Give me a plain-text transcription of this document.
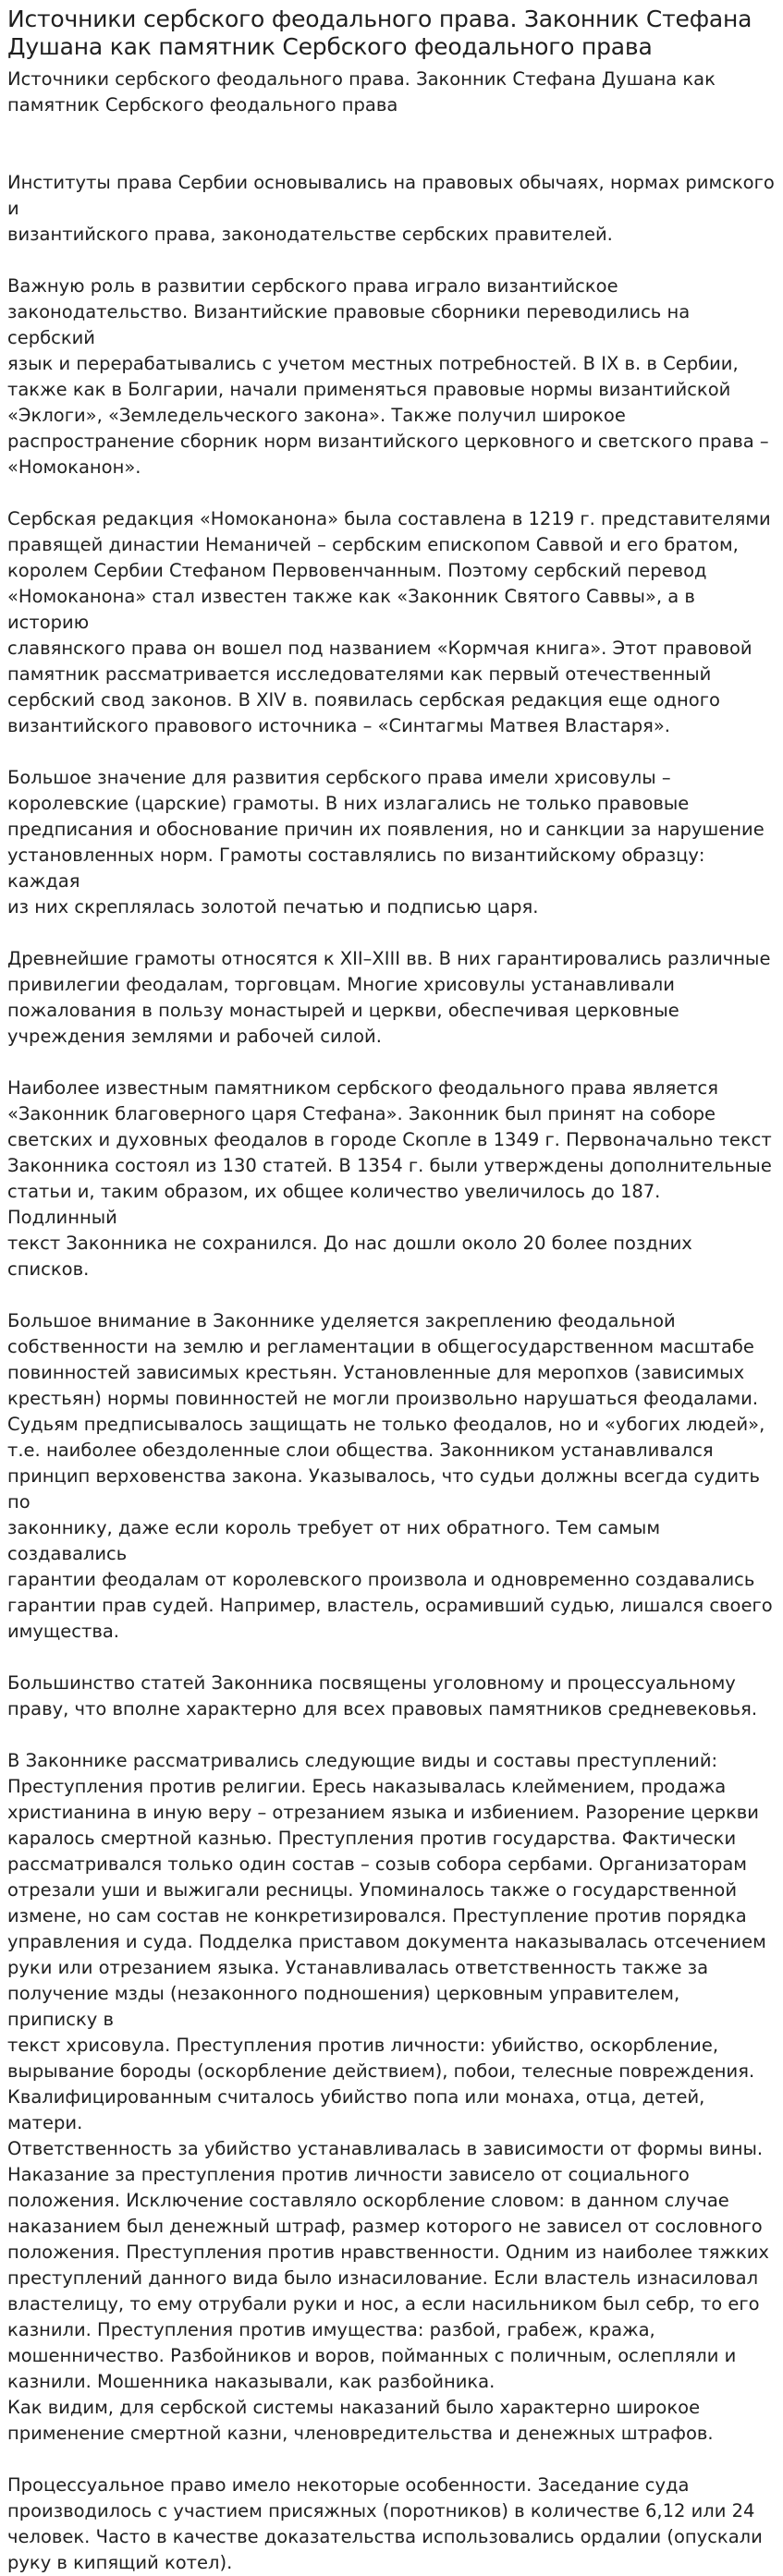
Источники сербского феодального права. Законник Стефана Душана как памятник Сербского феодального права
Источники сербского феодального права. Законник Стефана Душана как памятник Сербского феодального права

Институты права Сербии основывались на правовых обычаях, нормах римского и
византийского права, законодательстве сербских правителей.

Важную роль в развитии сербского права играло византийское
законодательство. Византийские правовые сборники переводились на сербский
язык и перерабатывались с учетом местных потребностей. В IX в. в Сербии,
также как в Болгарии, начали применяться правовые нормы византийской
«Эклоги», «Земледельческого закона». Также получил широкое
распространение сборник норм византийского церковного и светского права –
«Номоканон».

Сербская редакция «Номоканона» была составлена в 1219 г. представителями
правящей династии Неманичей – сербским епископом Саввой и его братом,
королем Сербии Стефаном Первовенчанным. Поэтому сербский перевод
«Номоканона» стал известен также как «Законник Святого Саввы», а в историю
славянского права он вошел под названием «Кормчая книга». Этот правовой
памятник рассматривается исследователями как первый отечественный
сербский свод законов. В XIV в. появилась сербская редакция еще одного
византийского правового источника – «Синтагмы Матвея Властаря».

Большое значение для развития сербского права имели хрисовулы –
королевские (царские) грамоты. В них излагались не только правовые
предписания и обоснование причин их появления, но и санкции за нарушение
установленных норм. Грамоты составлялись по византийскому образцу: каждая
из них скреплялась золотой печатью и подписью царя.

Древнейшие грамоты относятся к XII–XIII вв. В них гарантировались различные
привилегии феодалам, торговцам. Многие хрисовулы устанавливали
пожалования в пользу монастырей и церкви, обеспечивая церковные
учреждения землями и рабочей силой.

Наиболее известным памятником сербского феодального права является
«Законник благоверного царя Стефана». Законник был принят на соборе
светских и духовных феодалов в городе Скопле в 1349 г. Первоначально текст
Законника состоял из 130 статей. В 1354 г. были утверждены дополнительные
статьи и, таким образом, их общее количество увеличилось до 187. Подлинный
текст Законника не сохранился. До нас дошли около 20 более поздних списков.

Большое внимание в Законнике уделяется закреплению феодальной
собственности на землю и регламентации в общегосударственном масштабе
повинностей зависимых крестьян. Установленные для меропхов (зависимых
крестьян) нормы повинностей не могли произвольно нарушаться феодалами.
Судьям предписывалось защищать не только феодалов, но и «убогих людей»,
т.е. наиболее обездоленные слои общества. Законником устанавливался
принцип верховенства закона. Указывалось, что судьи должны всегда судить по
законнику, даже если король требует от них обратного. Тем самым создавались
гарантии феодалам от королевского произвола и одновременно создавались
гарантии прав судей. Например, властель, осрамивший судью, лишался своего
имущества.

Большинство статей Законника посвящены уголовному и процессуальному
праву, что вполне характерно для всех правовых памятников средневековья.

В Законнике рассматривались следующие виды и составы преступлений:
Преступления против религии. Ересь наказывалась клеймением, продажа
христианина в иную веру – отрезанием языка и избиением. Разорение церкви
каралось смертной казнью. Преступления против государства. Фактически
рассматривался только один состав – созыв собора сербами. Организаторам
отрезали уши и выжигали ресницы. Упоминалось также о государственной
измене, но сам состав не конкретизировался. Преступление против порядка
управления и суда. Подделка приставом документа наказывалась отсечением
руки или отрезанием языка. Устанавливалась ответственность также за
получение мзды (незаконного подношения) церковным управителем, приписку в
текст хрисовула. Преступления против личности: убийство, оскорбление,
вырывание бороды (оскорбление действием), побои, телесные повреждения.
Квалифицированным считалось убийство попа или монаха, отца, детей, матери.
Ответственность за убийство устанавливалась в зависимости от формы вины.
Наказание за преступления против личности зависело от социального
положения. Исключение составляло оскорбление словом: в данном случае
наказанием был денежный штраф, размер которого не зависел от сословного
положения. Преступления против нравственности. Одним из наиболее тяжких
преступлений данного вида было изнасилование. Если властель изнасиловал
властелицу, то ему отрубали руки и нос, а если насильником был себр, то его
казнили. Преступления против имущества: разбой, грабеж, кража,
мошенничество. Разбойников и воров, пойманных с поличным, ослепляли и
казнили. Мошенника наказывали, как разбойника.

Как видим, для сербской системы наказаний было характерно широкое
применение смертной казни, членовредительства и денежных штрафов.

Процессуальное право имело некоторые особенности. Заседание суда
производилось с участием присяжных (поротников) в количестве 6,12 или 24
человек. Часто в качестве доказательства использовались ордалии (опускали
руку в кипящий котел).
